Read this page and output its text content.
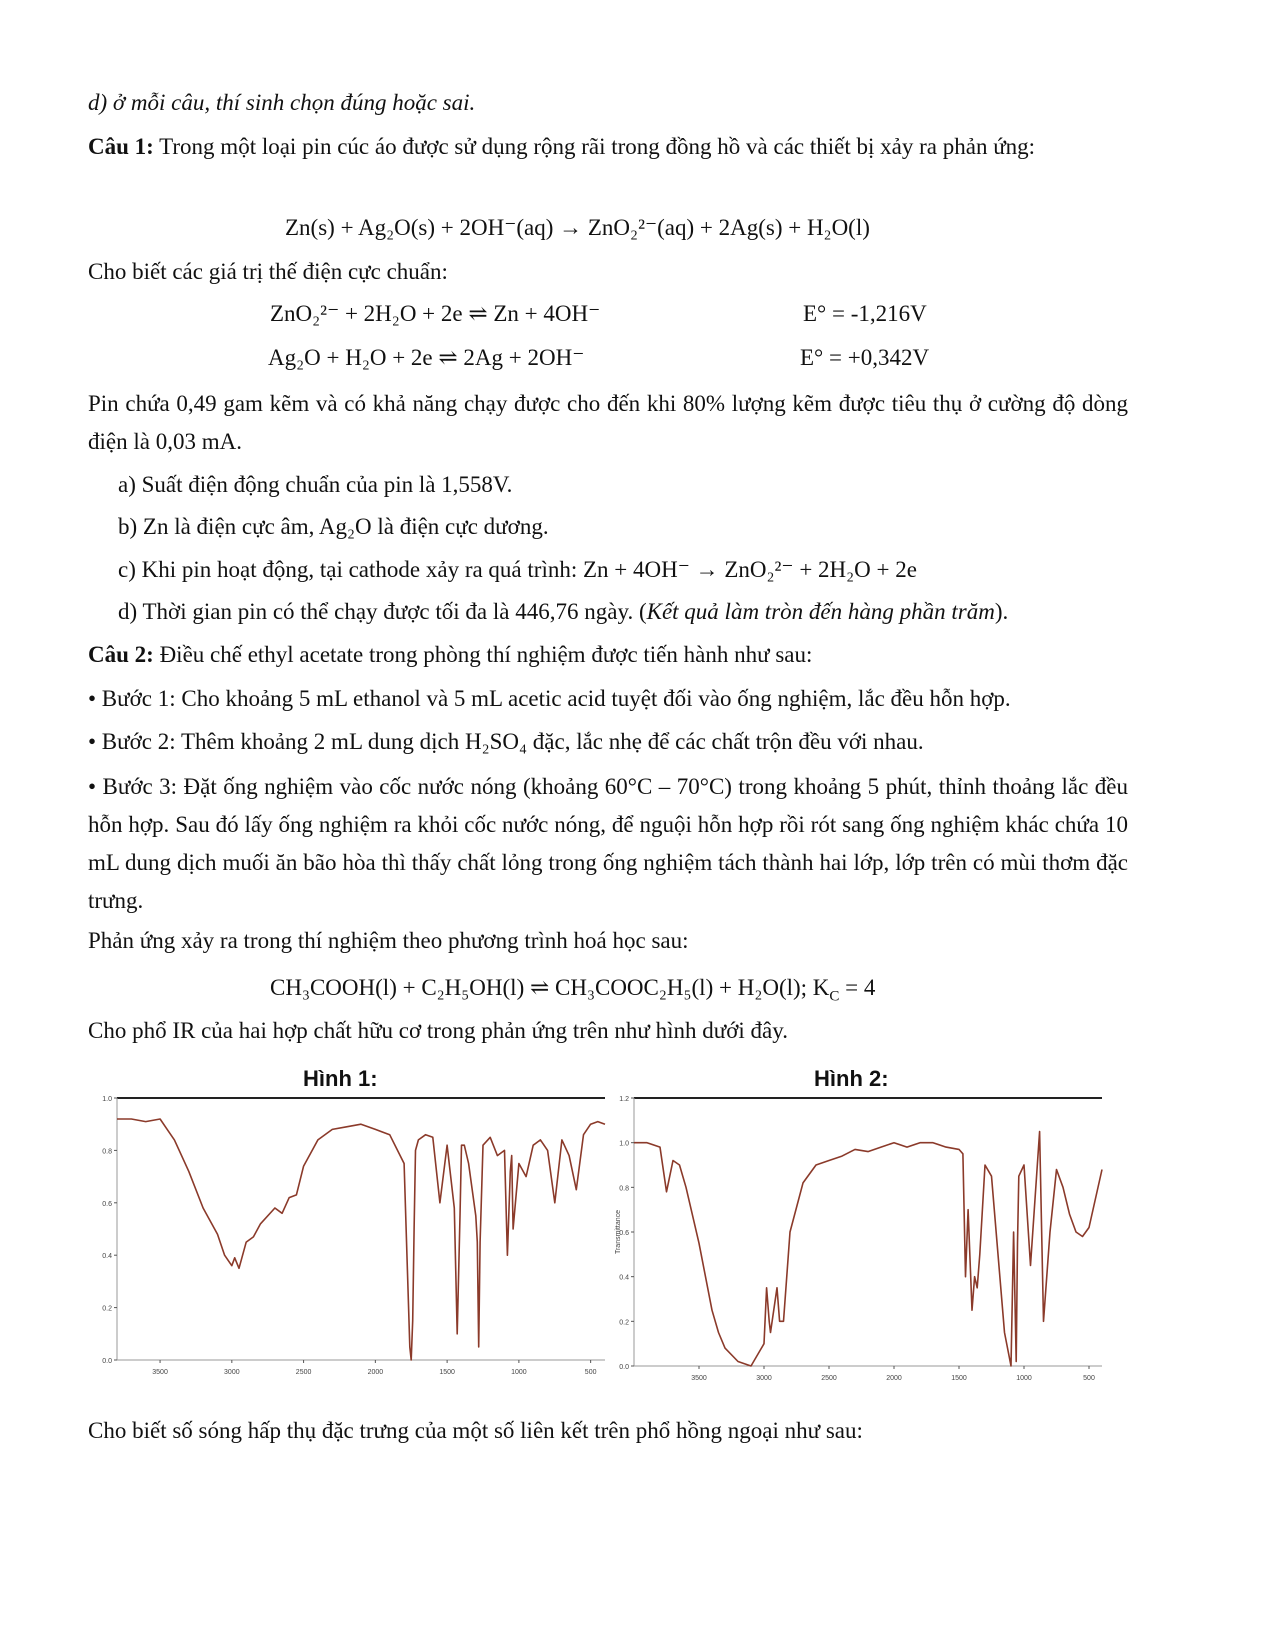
d) ở mỗi câu, thí sinh chọn đúng hoặc sai.
Câu 1: Trong một loại pin cúc áo được sử dụng rộng rãi trong đồng hồ và các thiết bị xảy ra phản ứng:
Zn(s) + Ag₂O(s) + 2OH⁻(aq) → ZnO₂²⁻(aq) + 2Ag(s) + H₂O(l)
Cho biết các giá trị thế điện cực chuẩn:
ZnO₂²⁻ + 2H₂O + 2e ⇌ Zn + 4OH⁻	E° = -1,216V
Ag₂O + H₂O + 2e ⇌ 2Ag + 2OH⁻	E° = +0,342V
Pin chứa 0,49 gam kẽm và có khả năng chạy được cho đến khi 80% lượng kẽm được tiêu thụ ở cường độ dòng điện là 0,03 mA.
a) Suất điện động chuẩn của pin là 1,558V.
b) Zn là điện cực âm, Ag₂O là điện cực dương.
c) Khi pin hoạt động, tại cathode xảy ra quá trình: Zn + 4OH⁻ → ZnO₂²⁻ + 2H₂O + 2e
d) Thời gian pin có thể chạy được tối đa là 446,76 ngày. (Kết quả làm tròn đến hàng phần trăm).
Câu 2: Điều chế ethyl acetate trong phòng thí nghiệm được tiến hành như sau:
• Bước 1: Cho khoảng 5 mL ethanol và 5 mL acetic acid tuyệt đối vào ống nghiệm, lắc đều hỗn hợp.
• Bước 2: Thêm khoảng 2 mL dung dịch H₂SO₄ đặc, lắc nhẹ để các chất trộn đều với nhau.
• Bước 3: Đặt ống nghiệm vào cốc nước nóng (khoảng 60°C – 70°C) trong khoảng 5 phút, thỉnh thoảng lắc đều hỗn hợp. Sau đó lấy ống nghiệm ra khỏi cốc nước nóng, để nguội hỗn hợp rồi rót sang ống nghiệm khác chứa 10 mL dung dịch muối ăn bão hòa thì thấy chất lỏng trong ống nghiệm tách thành hai lớp, lớp trên có mùi thơm đặc trưng.
Phản ứng xảy ra trong thí nghiệm theo phương trình hoá học sau:
CH₃COOH(l) + C₂H₅OH(l) ⇌ CH₃COOC₂H₅(l) + H₂O(l); $K_C = 4$
Cho phổ IR của hai hợp chất hữu cơ trong phản ứng trên như hình dưới đây.
Hình 1:	Hình 2:
0.0
0.2
0.4
0.6
0.8
1.0
3500	3000	2500	2000	1500	1000	500
0.0
0.2
0.4
0.6
0.8
1.0
1.2
3500	3000	2500	2000	1500	1000	500
Transmittance
Cho biết số sóng hấp thụ đặc trưng của một số liên kết trên phổ hồng ngoại như sau:
